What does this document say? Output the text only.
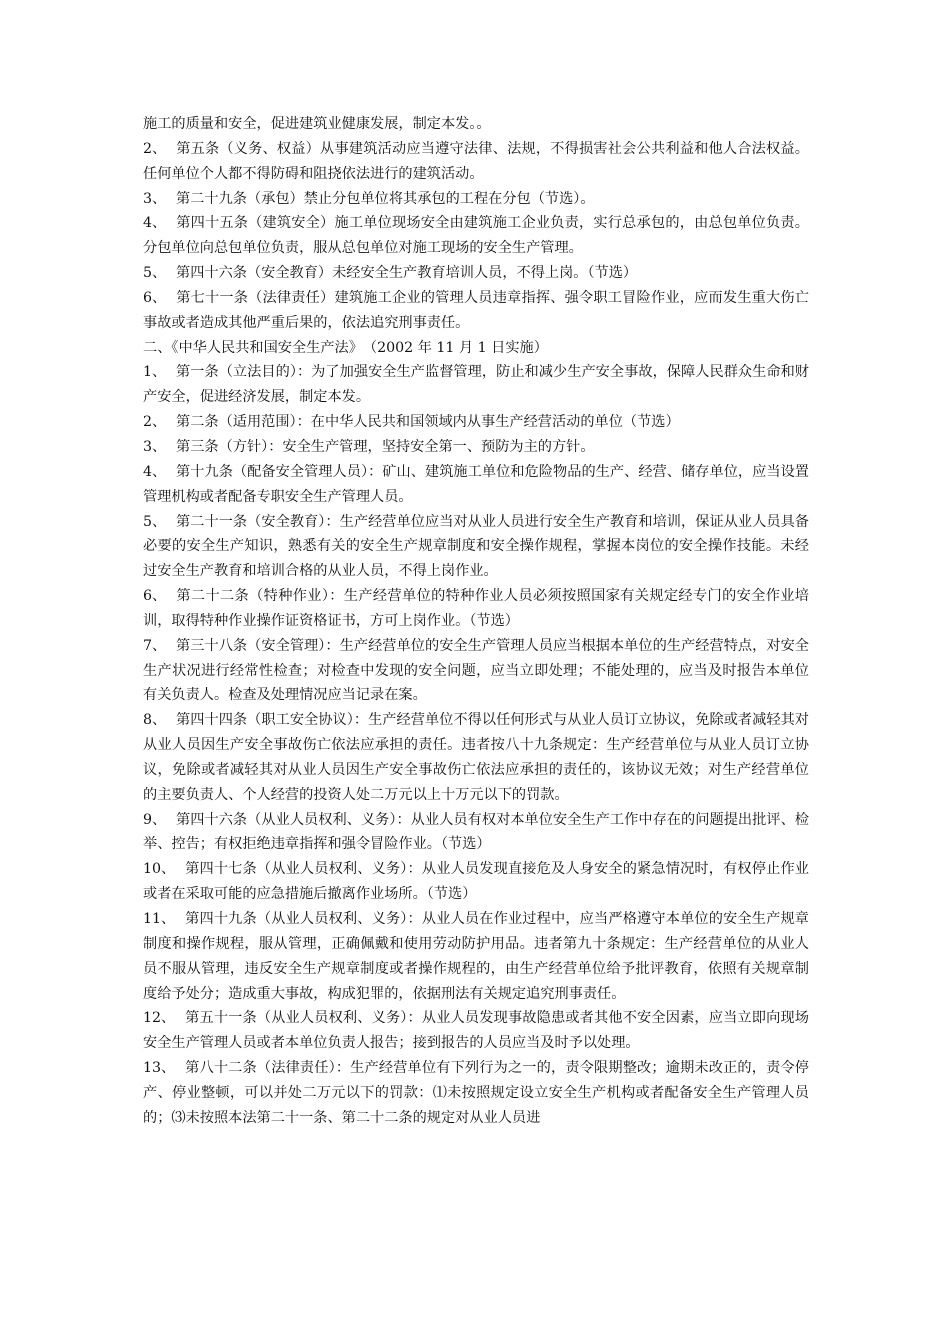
施工的质量和安全，促进建筑业健康发展，制定本发。。

2、 第五条（义务、权益）从事建筑活动应当遵守法律、法规，不得损害社会公共利益和他人合法权益。任何单位个人都不得防碍和阻挠依法进行的建筑活动。

3、 第二十九条（承包）禁止分包单位将其承包的工程在分包（节选）。

4、 第四十五条（建筑安全）施工单位现场安全由建筑施工企业负责，实行总承包的，由总包单位负责。分包单位向总包单位负责，服从总包单位对施工现场的安全生产管理。

5、 第四十六条（安全教育）未经安全生产教育培训人员，不得上岗。（节选）

6、 第七十一条（法律责任）建筑施工企业的管理人员违章指挥、强令职工冒险作业，应而发生重大伤亡事故或者造成其他严重后果的，依法追究刑事责任。

二、《中华人民共和国安全生产法》　（2002 年 11 月 1 日实施）

1、 第一条（立法目的）：为了加强安全生产监督管理，防止和减少生产安全事故，保障人民群众生命和财产安全，促进经济发展，制定本发。

2、 第二条（适用范围）：在中华人民共和国领域内从事生产经营活动的单位（节选）

3、 第三条（方针）：安全生产管理，坚持安全第一、预防为主的方针。

4、 第十九条（配备安全管理人员）：矿山、建筑施工单位和危险物品的生产、经营、储存单位，应当设置管理机构或者配备专职安全生产管理人员。

5、 第二十一条（安全教育）：生产经营单位应当对从业人员进行安全生产教育和培训，保证从业人员具备必要的安全生产知识，熟悉有关的安全生产规章制度和安全操作规程，掌握本岗位的安全操作技能。未经过安全生产教育和培训合格的从业人员，不得上岗作业。

6、 第二十二条（特种作业）：生产经营单位的特种作业人员必须按照国家有关规定经专门的安全作业培训，取得特种作业操作证资格证书，方可上岗作业。（节选）

7、 第三十八条（安全管理）：生产经营单位的安全生产管理人员应当根据本单位的生产经营特点，对安全生产状况进行经常性检查；对检查中发现的安全问题，应当立即处理；不能处理的，应当及时报告本单位有关负责人。检查及处理情况应当记录在案。

8、 第四十四条（职工安全协议）：生产经营单位不得以任何形式与从业人员订立协议，免除或者减轻其对从业人员因生产安全事故伤亡依法应承担的责任。违者按八十九条规定：生产经营单位与从业人员订立协议，免除或者减轻其对从业人员因生产安全事故伤亡依法应承担的责任的，该协议无效；对生产经营单位的主要负责人、个人经营的投资人处二万元以上十万元以下的罚款。

9、 第四十六条（从业人员权利、义务）：从业人员有权对本单位安全生产工作中存在的问题提出批评、检举、控告；有权拒绝违章指挥和强令冒险作业。（节选）

10、 第四十七条（从业人员权利、义务）：从业人员发现直接危及人身安全的紧急情况时，有权停止作业或者在采取可能的应急措施后撤离作业场所。（节选）

11、 第四十九条（从业人员权利、义务）：从业人员在作业过程中，应当严格遵守本单位的安全生产规章制度和操作规程，服从管理，正确佩戴和使用劳动防护用品。违者第九十条规定：生产经营单位的从业人员不服从管理，违反安全生产规章制度或者操作规程的，由生产经营单位给予批评教育，依照有关规章制度给予处分；造成重大事故，构成犯罪的，依据刑法有关规定追究刑事责任。

12、 第五十一条（从业人员权利、义务）：从业人员发现事故隐患或者其他不安全因素，应当立即向现场安全生产管理人员或者本单位负责人报告；接到报告的人员应当及时予以处理。

13、 第八十二条（法律责任）：生产经营单位有下列行为之一的，责令限期整改；逾期未改正的，责令停产、停业整顿，可以并处二万元以下的罚款：⑴未按照规定设立安全生产机构或者配备安全生产管理人员的；⑶未按照本法第二十一条、第二十二条的规定对从业人员进
